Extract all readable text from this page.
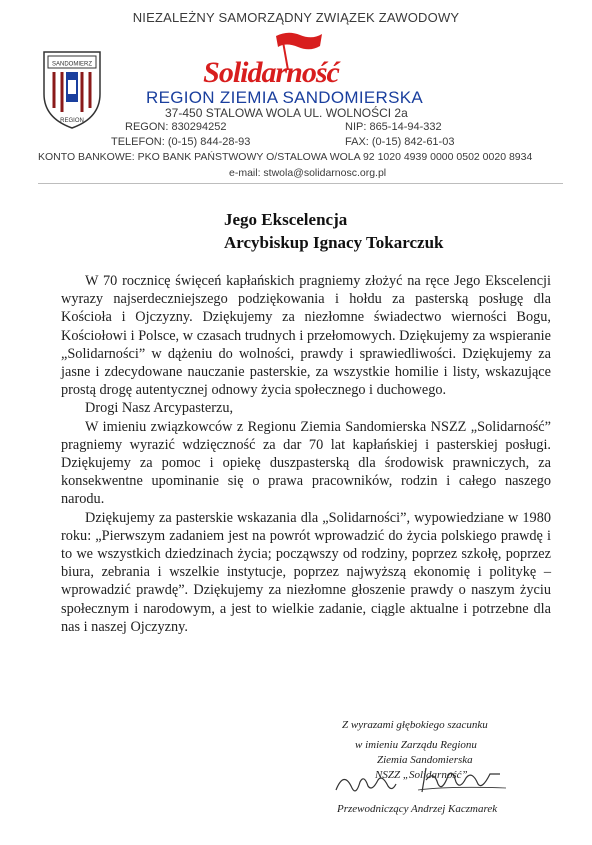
NIEZALEŻNY SAMORZĄDNY ZWIĄZEK ZAWODOWY
Solidarność
SANDOMIERZ
REGION
REGION ZIEMIA SANDOMIERSKA
37-450 STALOWA WOLA UL. WOLNOŚCI 2a
REGON: 830294252	NIP: 865-14-94-332
TELEFON: (0-15) 844-28-93	FAX: (0-15) 842-61-03
KONTO BANKOWE: PKO BANK PAŃSTWOWY O/STALOWA WOLA 92 1020 4939 0000 0502 0020 8934
e-mail: stwola@solidarnosc.org.pl
Jego Ekscelencja
Arcybiskup Ignacy Tokarczuk

W 70 rocznicę święceń kapłańskich pragniemy złożyć na ręce Jego Ekscelencji wyrazy najserdeczniejszego podziękowania i hołdu za pasterską posługę dla Kościoła i Ojczyzny. Dziękujemy za niezłomne świadectwo wierności Bogu, Kościołowi i Polsce, w czasach trudnych i przełomowych. Dziękujemy za wspieranie „Solidarności” w dążeniu do wolności, prawdy i sprawiedliwości. Dziękujemy za jasne i zdecydowane nauczanie pasterskie, za wszystkie homilie i listy, wskazujące prostą drogę autentycznej odnowy życia społecznego i duchowego.

Drogi Nasz Arcypasterzu,

W imieniu związkowców z Regionu Ziemia Sandomierska NSZZ „Solidarność” pragniemy wyrazić wdzięczność za dar 70 lat kapłańskiej i pasterskiej posługi. Dziękujemy za pomoc i opiekę duszpasterską dla środowisk prawniczych, za konsekwentne upominanie się o prawa pracowników, rodzin i całego naszego narodu.

Dziękujemy za pasterskie wskazania dla „Solidarności”, wypowiedziane w 1980 roku: „Pierwszym zadaniem jest na powrót wprowadzić do życia polskiego prawdę i to we wszystkich dziedzinach życia; począwszy od rodziny, poprzez szkołę, poprzez biura, zebrania i wszelkie instytucje, poprzez najwyższą ekonomię i politykę – wprowadzić prawdę”. Dziękujemy za niezłomne głoszenie prawdy o naszym życiu społecznym i narodowym, a jest to wielkie zadanie, ciągle aktualne i potrzebne dla nas i naszej Ojczyzny.

Z wyrazami głębokiego szacunku
w imieniu Zarządu Regionu
Ziemia Sandomierska
NSZZ „Solidarność”
Przewodniczący Andrzej Kaczmarek
